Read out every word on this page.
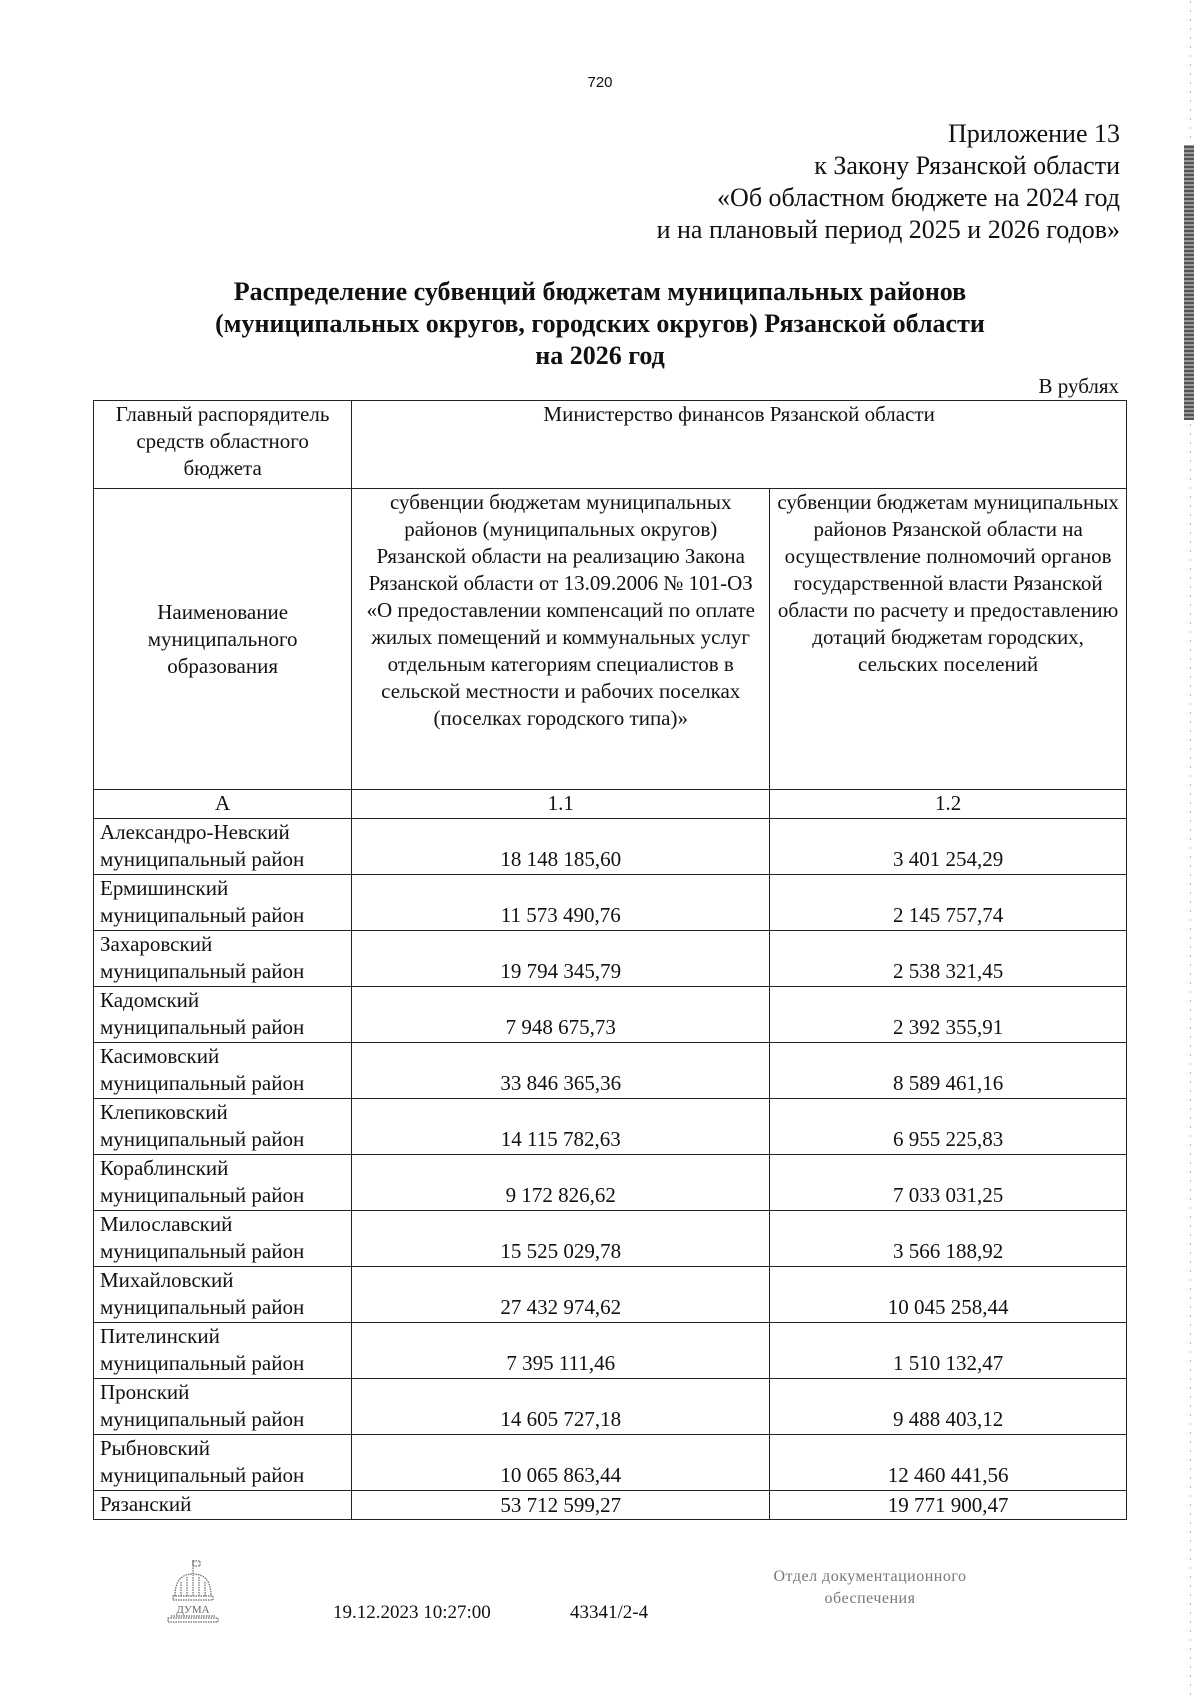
720
Приложение 13
к Закону Рязанской области
«Об областном бюджете на 2024 год
и на плановый период 2025 и 2026 годов»
Распределение субвенций бюджетам муниципальных районов
(муниципальных округов, городских округов) Рязанской области
на 2026 год
В рублях
Главный распорядитель средств областного бюджета	Министерство финансов Рязанской области	
Наименование муниципального образования	субвенции бюджетам муниципальных районов (муниципальных округов) Рязанской области на реализацию Закона Рязанской области от 13.09.2006 № 101-ОЗ «О предоставлении компенсаций по оплате жилых помещений и коммунальных услуг отдельным категориям специалистов в сельской местности и рабочих поселках (поселках городского типа)»	субвенции бюджетам муниципальных районов Рязанской области на осуществление полномочий органов государственной власти Рязанской области по расчету и предоставлению дотаций бюджетам городских, сельских поселений
А	1.1	1.2

Александро-Невский
муниципальный район	18 148 185,60	3 401 254,29

Ермишинский
муниципальный район	11 573 490,76	2 145 757,74

Захаровский
муниципальный район	19 794 345,79	2 538 321,45

Кадомский
муниципальный район	7 948 675,73	2 392 355,91

Касимовский
муниципальный район	33 846 365,36	8 589 461,16

Клепиковский
муниципальный район	14 115 782,63	6 955 225,83

Кораблинский
муниципальный район	9 172 826,62	7 033 031,25

Милославский
муниципальный район	15 525 029,78	3 566 188,92

Михайловский
муниципальный район	27 432 974,62	10 045 258,44

Пителинский
муниципальный район	7 395 111,46	1 510 132,47

Пронский
муниципальный район	14 605 727,18	9 488 403,12

Рыбновский
муниципальный район	10 065 863,44	12 460 441,56
Рязанский	53 712 599,27	19 771 900,47
ДУМА	19.12.2023 10:27:00	43341/2-4
Отдел документационного
обеспечения
